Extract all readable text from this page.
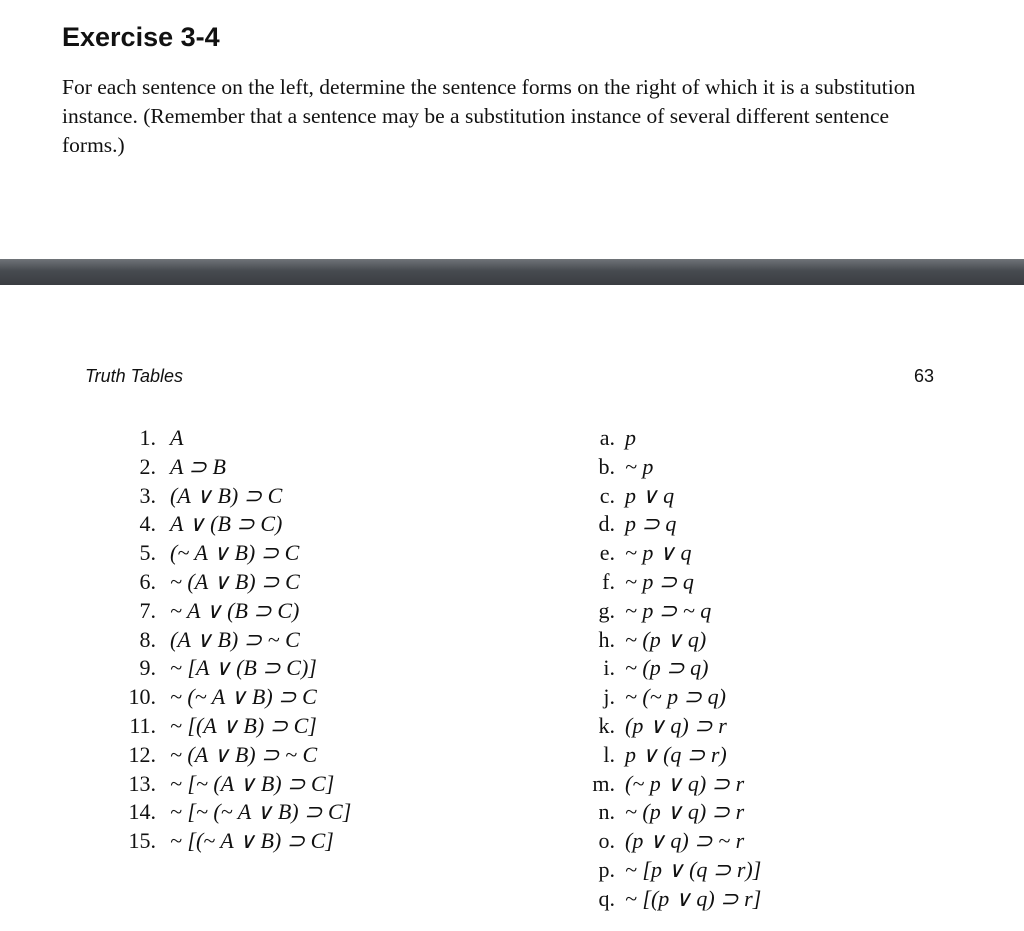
Exercise 3-4
For each sentence on the left, determine the sentence forms on the right of which it is a substitution instance. (Remember that a sentence may be a substitution instance of several different sentence forms.)
Truth Tables	63
1. A
2. A ⊃ B
3. (A ∨ B) ⊃ C
4. A ∨ (B ⊃ C)
5. (~ A ∨ B) ⊃ C
6. ~ (A ∨ B) ⊃ C
7. ~ A ∨ (B ⊃ C)
8. (A ∨ B) ⊃ ~ C
9. ~ [A ∨ (B ⊃ C)]
10. ~ (~ A ∨ B) ⊃ C
11. ~ [(A ∨ B) ⊃ C]
12. ~ (A ∨ B) ⊃ ~ C
13. ~ [~ (A ∨ B) ⊃ C]
14. ~ [~ (~ A ∨ B) ⊃ C]
15. ~ [(~ A ∨ B) ⊃ C]
a. p
b. ~ p
c. p ∨ q
d. p ⊃ q
e. ~ p ∨ q
f. ~ p ⊃ q
g. ~ p ⊃ ~ q
h. ~ (p ∨ q)
i. ~ (p ⊃ q)
j. ~ (~ p ⊃ q)
k. (p ∨ q) ⊃ r
l. p ∨ (q ⊃ r)
m. (~ p ∨ q) ⊃ r
n. ~ (p ∨ q) ⊃ r
o. (p ∨ q) ⊃ ~ r
p. ~ [p ∨ (q ⊃ r)]
q. ~ [(p ∨ q) ⊃ r]
